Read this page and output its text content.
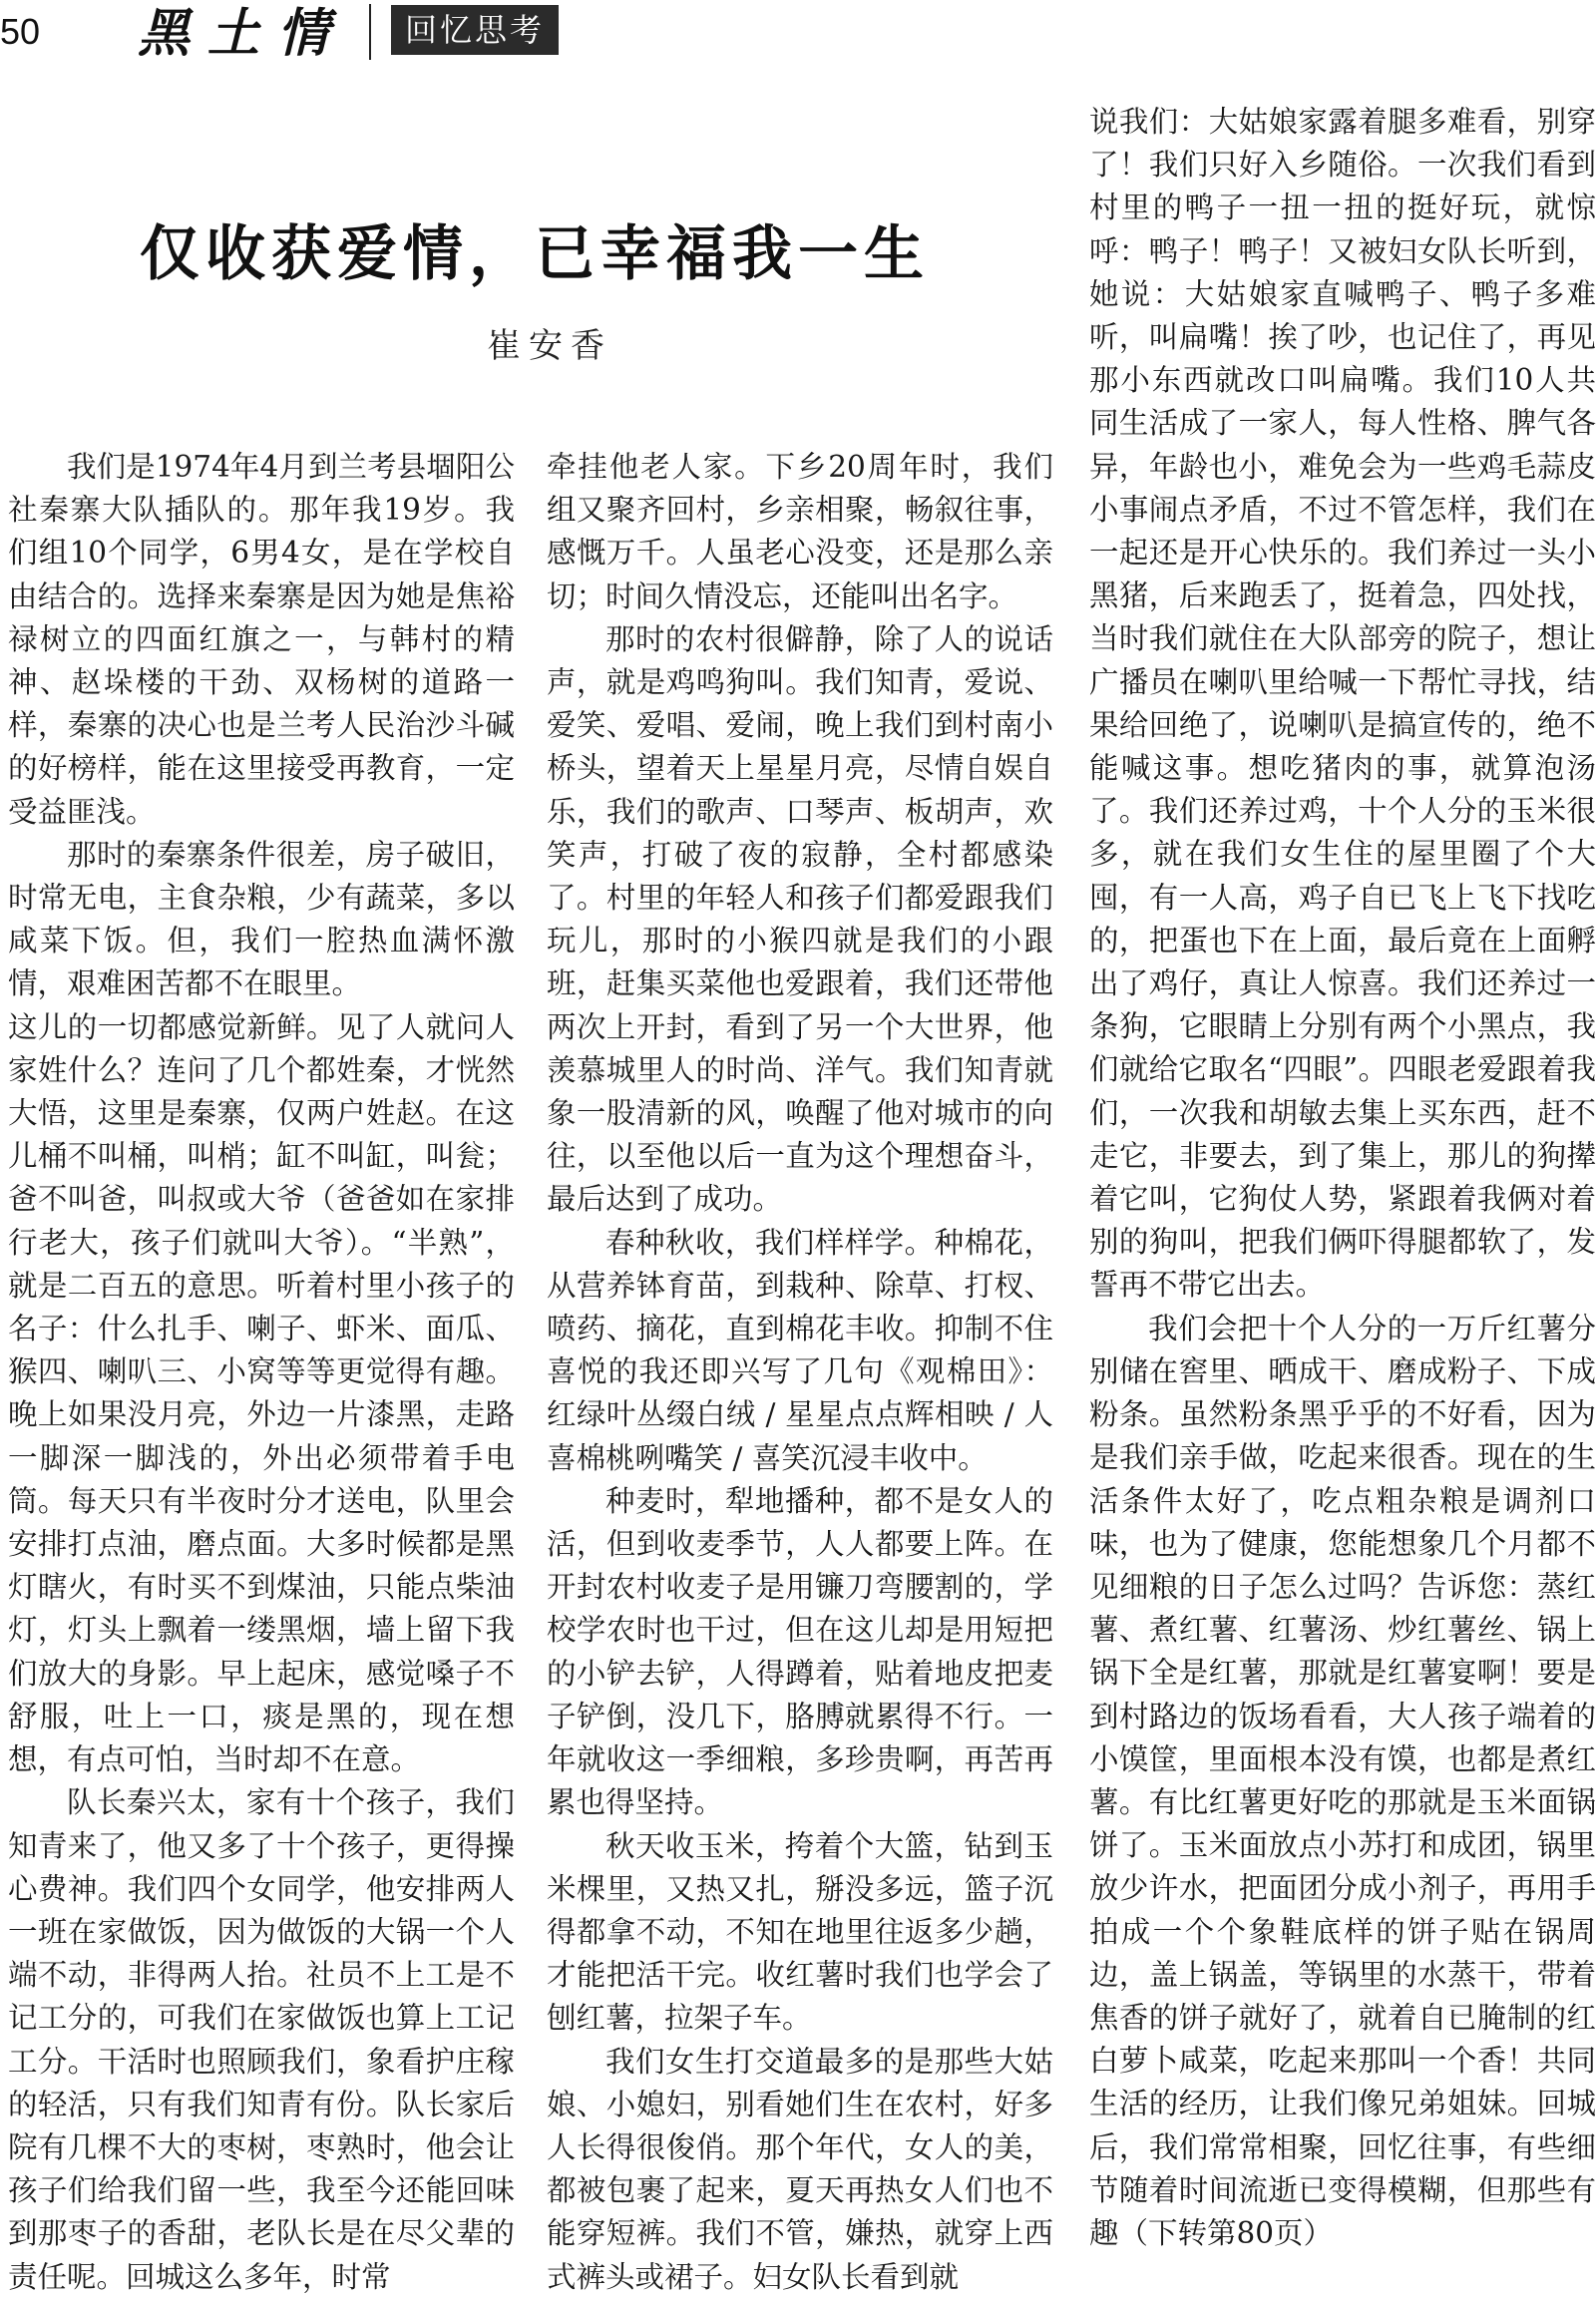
50 黑土情	回忆思考
仅收获爱情，已幸福我一生
崔安香

我们是1974年4月到兰考县堌阳公社秦寨大队插队的。那年我19岁。我们组10个同学，6男4女，是在学校自由结合的。选择来秦寨是因为她是焦裕禄树立的四面红旗之一，与韩村的精神、赵垛楼的干劲、双杨树的道路一样，秦寨的决心也是兰考人民治沙斗碱的好榜样，能在这里接受再教育，一定受益匪浅。

那时的秦寨条件很差，房子破旧，时常无电，主食杂粮，少有蔬菜，多以咸菜下饭。但，我们一腔热血满怀激情，艰难困苦都不在眼里。

这儿的一切都感觉新鲜。见了人就问人家姓什么？连问了几个都姓秦，才恍然大悟，这里是秦寨，仅两户姓赵。在这儿桶不叫桶，叫梢；缸不叫缸，叫瓮；爸不叫爸，叫叔或大爷（爸爸如在家排行老大，孩子们就叫大爷）。“半熟”，就是二百五的意思。听着村里小孩子的名子：什么扎手、喇子、虾米、面瓜、猴四、喇叭三、小窝等等更觉得有趣。晚上如果没月亮，外边一片漆黑，走路一脚深一脚浅的，外出必须带着手电筒。每天只有半夜时分才送电，队里会安排打点油，磨点面。大多时候都是黑灯瞎火，有时买不到煤油，只能点柴油灯，灯头上飘着一缕黑烟，墙上留下我们放大的身影。早上起床，感觉嗓子不舒服，吐上一口，痰是黑的，现在想想，有点可怕，当时却不在意。

队长秦兴太，家有十个孩子，我们知青来了，他又多了十个孩子，更得操心费神。我们四个女同学，他安排两人一班在家做饭，因为做饭的大锅一个人端不动，非得两人抬。社员不上工是不记工分的，可我们在家做饭也算上工记工分。干活时也照顾我们，象看护庄稼的轻活，只有我们知青有份。队长家后院有几棵不大的枣树，枣熟时，他会让孩子们给我们留一些，我至今还能回味到那枣子的香甜，老队长是在尽父辈的责任呢。回城这么多年，时常

牵挂他老人家。下乡20周年时，我们组又聚齐回村，乡亲相聚，畅叙往事，感慨万千。人虽老心没变，还是那么亲切；时间久情没忘，还能叫出名字。

那时的农村很僻静，除了人的说话声，就是鸡鸣狗叫。我们知青，爱说、爱笑、爱唱、爱闹，晚上我们到村南小桥头，望着天上星星月亮，尽情自娱自乐，我们的歌声、口琴声、板胡声，欢笑声，打破了夜的寂静，全村都感染了。村里的年轻人和孩子们都爱跟我们玩儿，那时的小猴四就是我们的小跟班，赶集买菜他也爱跟着，我们还带他两次上开封，看到了另一个大世界，他羡慕城里人的时尚、洋气。我们知青就象一股清新的风，唤醒了他对城市的向往，以至他以后一直为这个理想奋斗，最后达到了成功。

春种秋收，我们样样学。种棉花，从营养钵育苗，到栽种、除草、打杈、喷药、摘花，直到棉花丰收。抑制不住喜悦的我还即兴写了几句《观棉田》：红绿叶丛缀白绒 / 星星点点辉相映 / 人喜棉桃咧嘴笑 / 喜笑沉浸丰收中。

种麦时，犁地播种，都不是女人的活，但到收麦季节，人人都要上阵。在开封农村收麦子是用镰刀弯腰割的，学校学农时也干过，但在这儿却是用短把的小铲去铲，人得蹲着，贴着地皮把麦子铲倒，没几下，胳膊就累得不行。一年就收这一季细粮，多珍贵啊，再苦再累也得坚持。

秋天收玉米，挎着个大篮，钻到玉米棵里，又热又扎，掰没多远，篮子沉得都拿不动，不知在地里往返多少趟，才能把活干完。收红薯时我们也学会了刨红薯，拉架子车。

我们女生打交道最多的是那些大姑娘、小媳妇，别看她们生在农村，好多人长得很俊俏。那个年代，女人的美，都被包裹了起来，夏天再热女人们也不能穿短裤。我们不管，嫌热，就穿上西式裤头或裙子。妇女队长看到就

说我们：大姑娘家露着腿多难看，别穿了！我们只好入乡随俗。一次我们看到村里的鸭子一扭一扭的挺好玩，就惊呼：鸭子！鸭子！又被妇女队长听到，她说：大姑娘家直喊鸭子、鸭子多难听，叫扁嘴！挨了吵，也记住了，再见那小东西就改口叫扁嘴。我们10人共同生活成了一家人，每人性格、脾气各异，年龄也小，难免会为一些鸡毛蒜皮小事闹点矛盾，不过不管怎样，我们在一起还是开心快乐的。我们养过一头小黑猪，后来跑丢了，挺着急，四处找，当时我们就住在大队部旁的院子，想让广播员在喇叭里给喊一下帮忙寻找，结果给回绝了，说喇叭是搞宣传的，绝不能喊这事。想吃猪肉的事，就算泡汤了。我们还养过鸡，十个人分的玉米很多，就在我们女生住的屋里圈了个大囤，有一人高，鸡子自已飞上飞下找吃的，把蛋也下在上面，最后竟在上面孵出了鸡仔，真让人惊喜。我们还养过一条狗，它眼睛上分别有两个小黑点，我们就给它取名“四眼”。四眼老爱跟着我们，一次我和胡敏去集上买东西，赶不走它，非要去，到了集上，那儿的狗撵着它叫，它狗仗人势，紧跟着我俩对着别的狗叫，把我们俩吓得腿都软了，发誓再不带它出去。

我们会把十个人分的一万斤红薯分别储在窖里、晒成干、磨成粉子、下成粉条。虽然粉条黑乎乎的不好看，因为是我们亲手做，吃起来很香。现在的生活条件太好了，吃点粗杂粮是调剂口味，也为了健康，您能想象几个月都不见细粮的日子怎么过吗？告诉您：蒸红薯、煮红薯、红薯汤、炒红薯丝、锅上锅下全是红薯，那就是红薯宴啊！要是到村路边的饭场看看，大人孩子端着的小馍筐，里面根本没有馍，也都是煮红薯。有比红薯更好吃的那就是玉米面锅饼了。玉米面放点小苏打和成团，锅里放少许水，把面团分成小剂子，再用手拍成一个个象鞋底样的饼子贴在锅周边，盖上锅盖，等锅里的水蒸干，带着焦香的饼子就好了，就着自已腌制的红白萝卜咸菜，吃起来那叫一个香！共同生活的经历，让我们像兄弟姐妹。回城后，我们常常相聚，回忆往事，有些细节随着时间流逝已变得模糊，但那些有趣（下转第80页）
